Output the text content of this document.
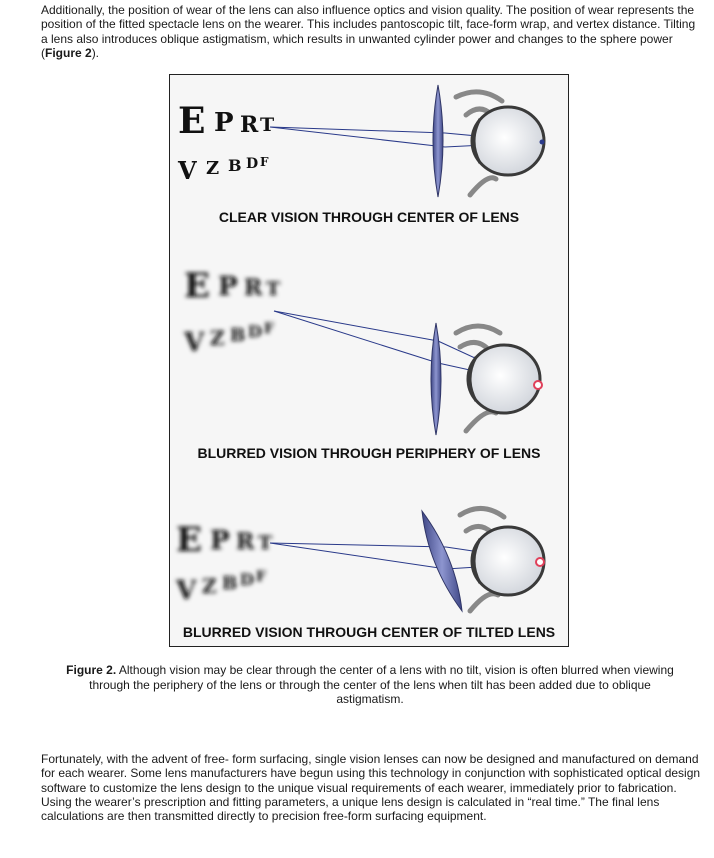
Additionally, the position of wear of the lens can also influence optics and vision quality. The position of wear represents the position of the fitted spectacle lens on the wearer. This includes pantoscopic tilt, face-form wrap, and vertex distance. Tilting a lens also introduces oblique astigmatism, which results in unwanted cylinder power and changes to the sphere power (Figure 2).

E P R T
V Z B D F
CLEAR VISION THROUGH CENTER OF LENS
E P R T
V Z B D F
BLURRED VISION THROUGH PERIPHERY OF LENS
E P R T
V Z B D F
BLURRED VISION THROUGH CENTER OF TILTED LENS
Figure 2. Although vision may be clear through the center of a lens with no tilt, vision is often blurred when viewing
through the periphery of the lens or through the center of the lens when tilt has been added due to oblique astigmatism.

Fortunately, with the advent of free- form surfacing, single vision lenses can now be designed and manufactured on demand for each wearer. Some lens manufacturers have begun using this technology in conjunction with sophisticated optical design software to customize the lens design to the unique visual requirements of each wearer, immediately prior to fabrication. Using the wearer’s prescription and fitting parameters, a unique lens design is calculated in “real time.” The final lens calculations are then transmitted directly to precision free-form surfacing equipment.
